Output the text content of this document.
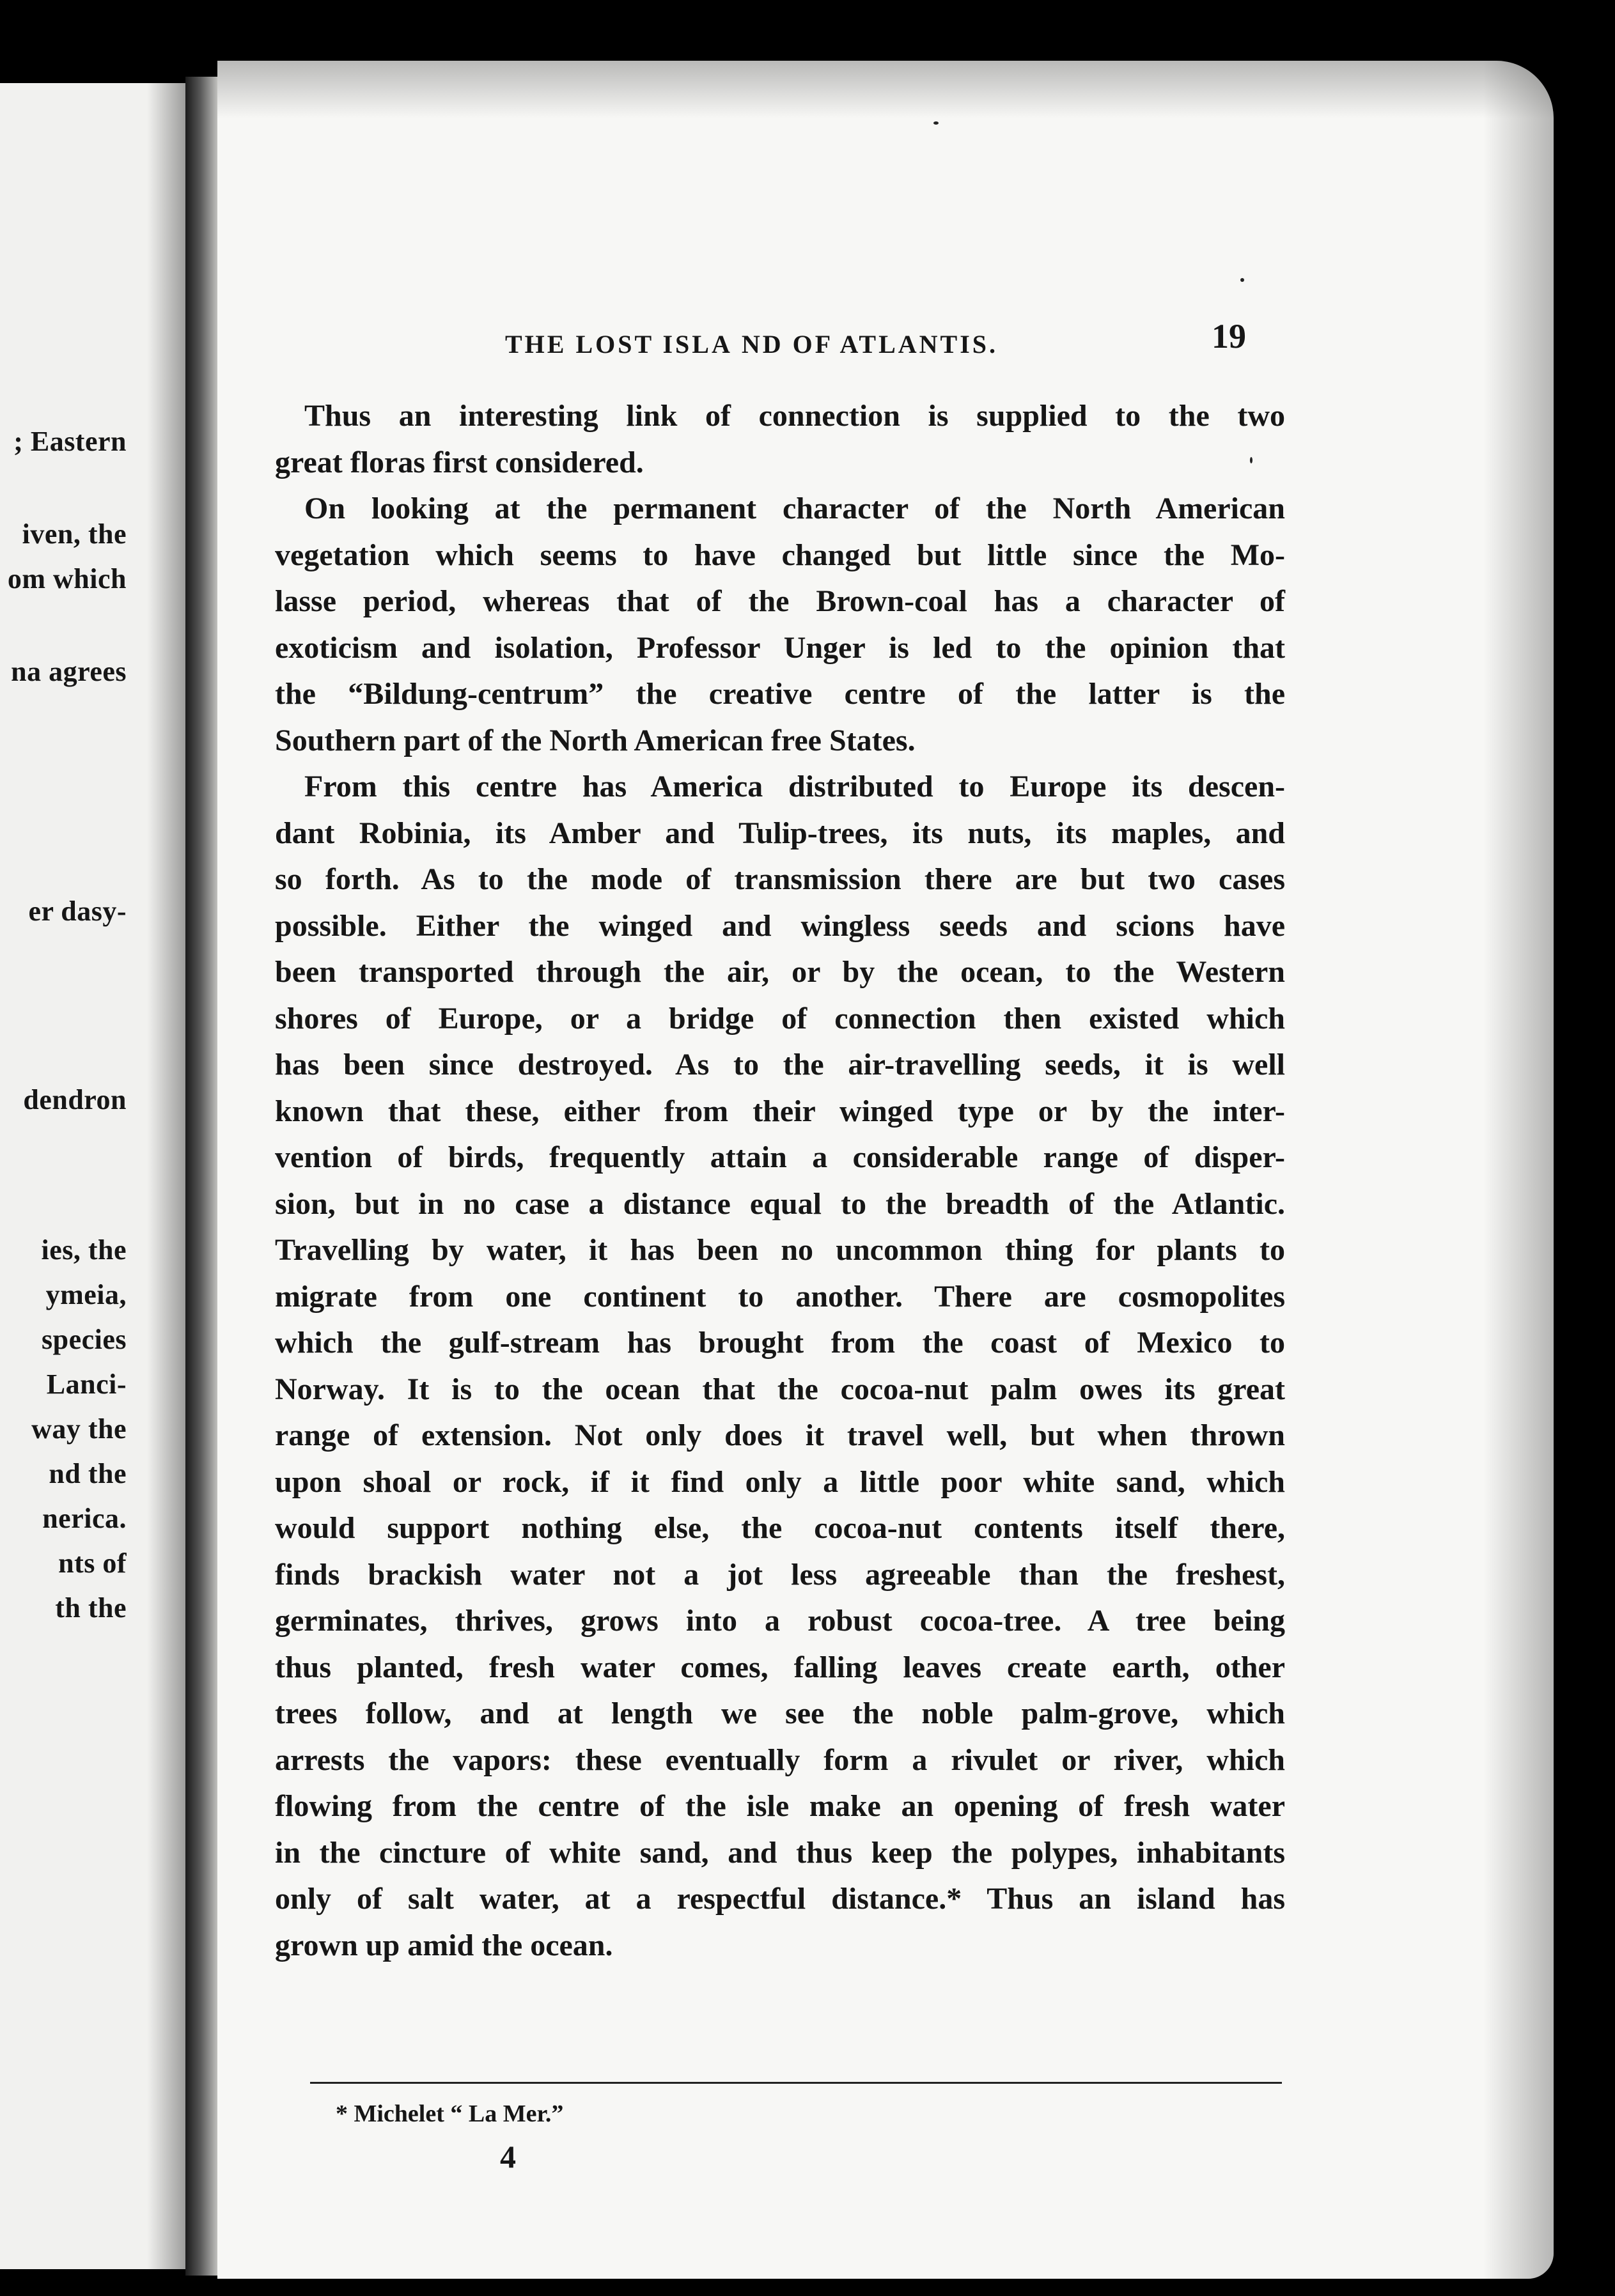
; Eastern
iven, the
om which
na agrees
er dasy-
dendron
ies, the
ymeia,
species
Lanci-
way the
nd the
nerica.
nts of
th the
THE LOST ISLA ND OF ATLANTIS.	19
Thus an interesting link of connection is supplied to the two
great floras first considered.
On looking at the permanent character of the North American
vegetation which seems to have changed but little since the Mo-
lasse period, whereas that of the Brown-coal has a character of
exoticism and isolation, Professor Unger is led to the opinion that
the “Bildung-centrum” the creative centre of the latter is the
Southern part of the North American free States.
From this centre has America distributed to Europe its descen-
dant Robinia, its Amber and Tulip-trees, its nuts, its maples, and
so forth. As to the mode of transmission there are but two cases
possible. Either the winged and wingless seeds and scions have
been transported through the air, or by the ocean, to the Western
shores of Europe, or a bridge of connection then existed which
has been since destroyed. As to the air-travelling seeds, it is well
known that these, either from their winged type or by the inter-
vention of birds, frequently attain a considerable range of disper-
sion, but in no case a distance equal to the breadth of the Atlantic.
Travelling by water, it has been no uncommon thing for plants to
migrate from one continent to another. There are cosmopolites
which the gulf-stream has brought from the coast of Mexico to
Norway. It is to the ocean that the cocoa-nut palm owes its great
range of extension. Not only does it travel well, but when thrown
upon shoal or rock, if it find only a little poor white sand, which
would support nothing else, the cocoa-nut contents itself there,
finds brackish water not a jot less agreeable than the freshest,
germinates, thrives, grows into a robust cocoa-tree. A tree being
thus planted, fresh water comes, falling leaves create earth, other
trees follow, and at length we see the noble palm-grove, which
arrests the vapors: these eventually form a rivulet or river, which
flowing from the centre of the isle make an opening of fresh water
in the cincture of white sand, and thus keep the polypes, inhabitants
only of salt water, at a respectful distance.* Thus an island has
grown up amid the ocean.
* Michelet “ La Mer.”
4
